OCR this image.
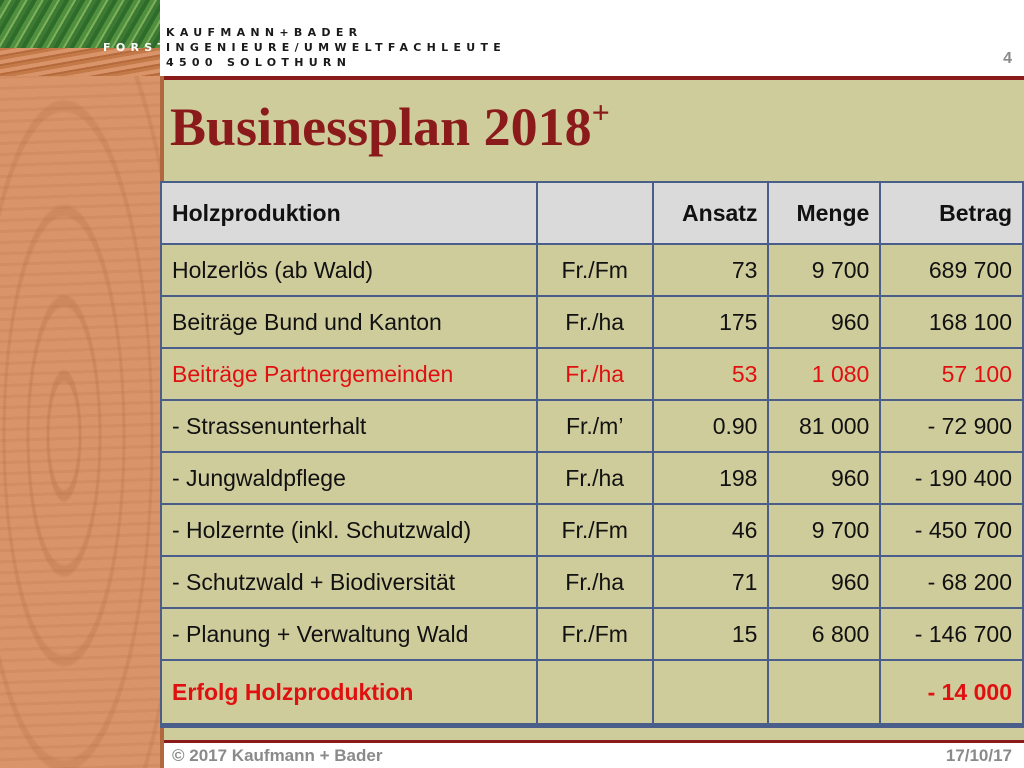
FORST
KAUFMANN+BADER
INGENIEURE/UMWELTFACHLEUTE
4500 SOLOTHURN	4
Businessplan 2018+
Holzproduktion		Ansatz	Menge	Betrag
Holzerlös (ab Wald)	Fr./Fm	73	9 700	689 700
Beiträge Bund und Kanton	Fr./ha	175	960	168 100
Beiträge Partnergemeinden	Fr./ha	53	1 080	57 100
- Strassenunterhalt	Fr./m’	0.90	81 000	- 72 900
- Jungwaldpflege	Fr./ha	198	960	- 190 400
- Holzernte (inkl. Schutzwald)	Fr./Fm	46	9 700	- 450 700
- Schutzwald + Biodiversität	Fr./ha	71	960	- 68 200
- Planung + Verwaltung Wald	Fr./Fm	15	6 800	- 146 700
Erfolg Holzproduktion				- 14 000
© 2017 Kaufmann + Bader	17/10/17
